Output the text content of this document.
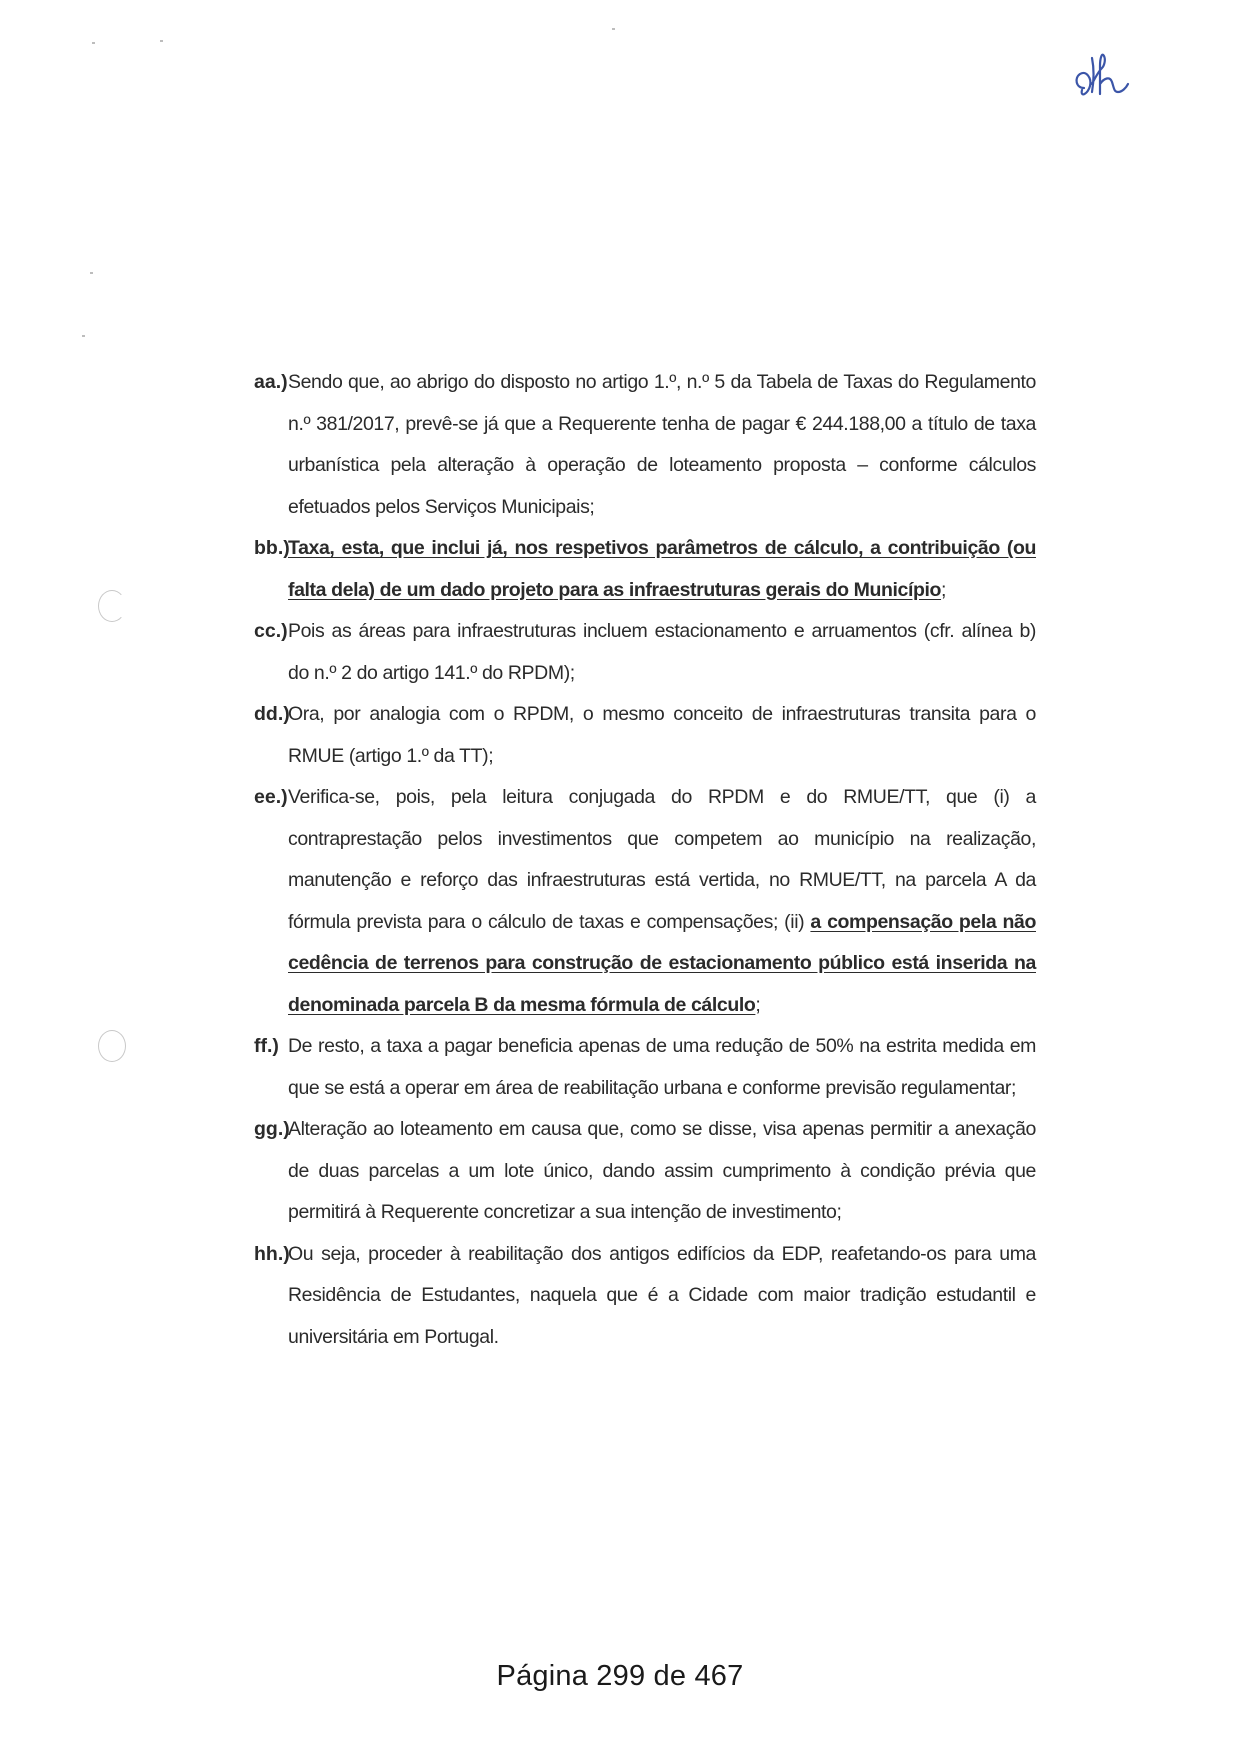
aa.) Sendo que, ao abrigo do disposto no artigo 1.º, n.º 5 da Tabela de Taxas do Regulamento n.º 381/2017, prevê-se já que a Requerente tenha de pagar € 244.188,00 a título de taxa urbanística pela alteração à operação de loteamento proposta – conforme cálculos efetuados pelos Serviços Municipais;
bb.)
Taxa, esta, que inclui já, nos respetivos parâmetros de cálculo, a contribuição (ou falta dela) de um dado projeto para as infraestruturas gerais do Município;
cc.) Pois as áreas para infraestruturas incluem estacionamento e arruamentos (cfr. alínea b) do n.º 2 do artigo 141.º do RPDM);
dd.)
Ora, por analogia com o RPDM, o mesmo conceito de infraestruturas transita para o RMUE (artigo 1.º da TT);
ee.) Verifica-se, pois, pela leitura conjugada do RPDM e do RMUE/TT, que (i) a contraprestação pelos investimentos que competem ao município na realização, manutenção e reforço das infraestruturas está vertida, no RMUE/TT, na parcela A da fórmula prevista para o cálculo de taxas e compensações; (ii) a compensação pela não cedência de terrenos para construção de estacionamento público está inserida na denominada parcela B da mesma fórmula de cálculo;
ff.) De resto, a taxa a pagar beneficia apenas de uma redução de 50% na estrita medida em que se está a operar em área de reabilitação urbana e conforme previsão regulamentar;
gg.)
Alteração ao loteamento em causa que, como se disse, visa apenas permitir a anexação de duas parcelas a um lote único, dando assim cumprimento à condição prévia que permitirá à Requerente concretizar a sua intenção de investimento;
hh.)
Ou seja, proceder à reabilitação dos antigos edifícios da EDP, reafetando-os para uma Residência de Estudantes, naquela que é a Cidade com maior tradição estudantil e universitária em Portugal.
Página 299 de 467
